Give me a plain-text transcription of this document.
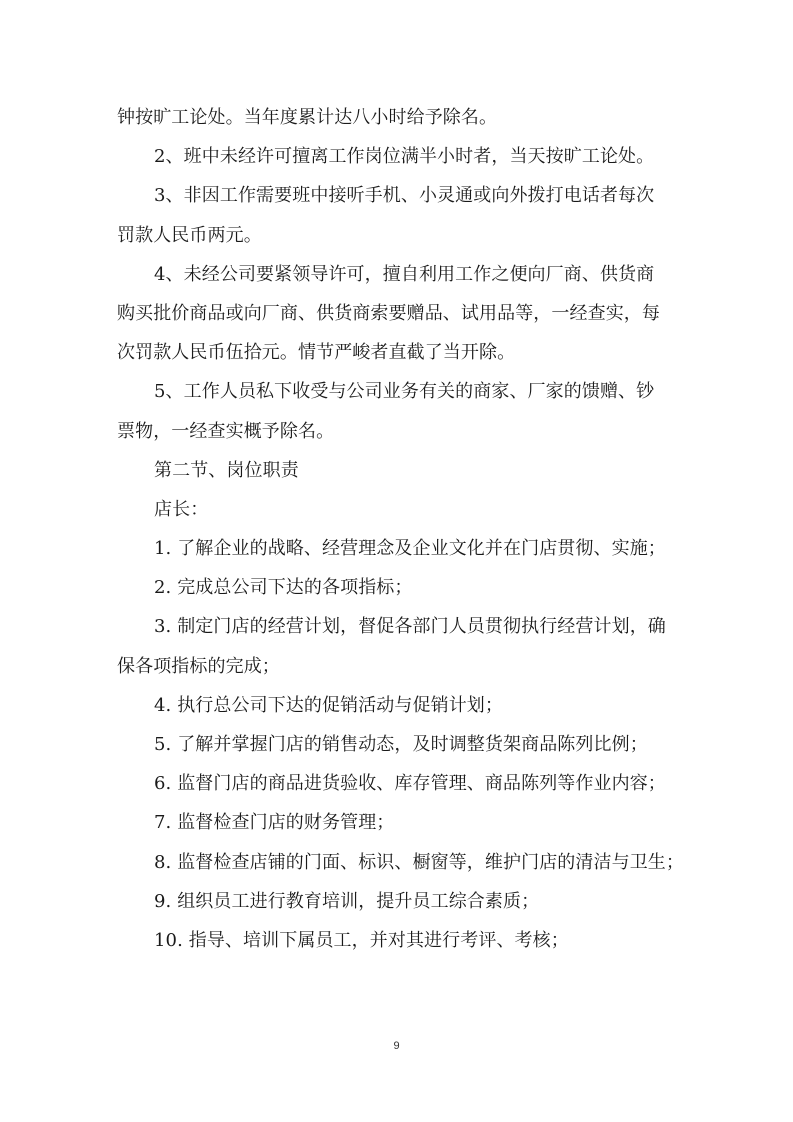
钟按旷工论处。当年度累计达八小时给予除名。
2、班中未经许可擅离工作岗位满半小时者，当天按旷工论处。
3、非因工作需要班中接听手机、小灵通或向外拨打电话者每次
罚款人民币两元。
4、未经公司要紧领导许可，擅自利用工作之便向厂商、供货商
购买批价商品或向厂商、供货商索要赠品、试用品等，一经查实，每
次罚款人民币伍拾元。情节严峻者直截了当开除。
5、工作人员私下收受与公司业务有关的商家、厂家的馈赠、钞
票物，一经查实概予除名。
第二节、岗位职责
店长：
1. 了解企业的战略、经营理念及企业文化并在门店贯彻、实施；
2. 完成总公司下达的各项指标；
3. 制定门店的经营计划，督促各部门人员贯彻执行经营计划，确
保各项指标的完成；
4. 执行总公司下达的促销活动与促销计划；
5. 了解并掌握门店的销售动态，及时调整货架商品陈列比例；
6. 监督门店的商品进货验收、库存管理、商品陈列等作业内容；
7. 监督检查门店的财务管理；
8. 监督检查店铺的门面、标识、橱窗等，维护门店的清洁与卫生；
9. 组织员工进行教育培训，提升员工综合素质；
10. 指导、培训下属员工，并对其进行考评、考核；
9
